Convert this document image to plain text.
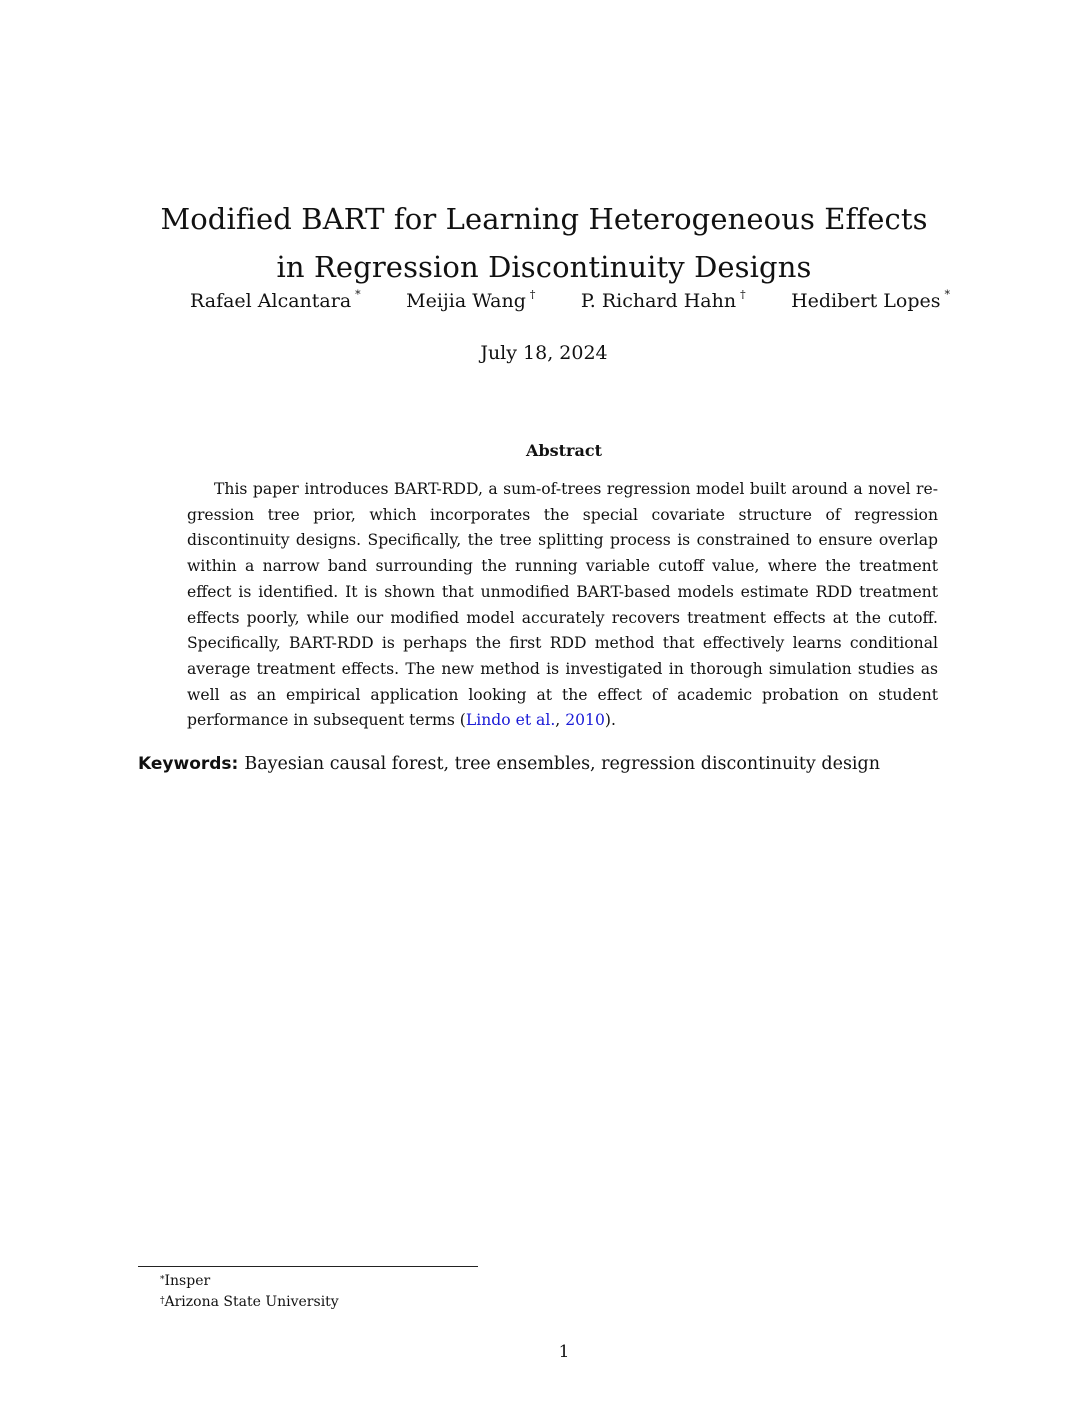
Modified BART for Learning Heterogeneous Effects
in Regression Discontinuity Designs
Rafael Alcantara * Meijia Wang † P. Richard Hahn † Hedibert Lopes *
July 18, 2024
Abstract

This paper introduces BART-RDD, a sum-of-trees regression model built around a novel regression tree prior, which incorporates the special covariate structure of regression discontinuity designs. Specifically, the tree splitting process is constrained to ensure overlap within a narrow band surrounding the running variable cutoff value, where the treatment effect is identified. It is shown that unmodified BART-based models estimate RDD treatment effects poorly, while our modified model accurately recovers treatment effects at the cutoff. Specifically, BART-RDD is perhaps the first RDD method that effectively learns conditional average treatment effects. The new method is investigated in thorough simulation studies as well as an empirical application looking at the effect of academic probation on student performance in subsequent terms (Lindo et al., 2010).

Keywords: Bayesian causal forest, tree ensembles, regression discontinuity design
*Insper
†Arizona State University
1
